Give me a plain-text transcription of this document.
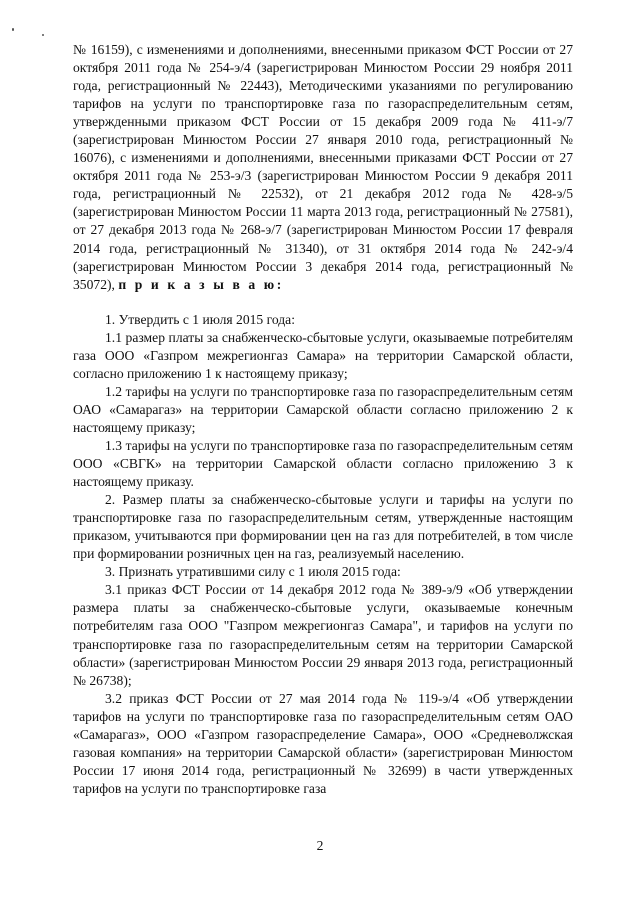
№ 16159), с изменениями и дополнениями, внесенными приказом ФСТ России от 27 октября 2011 года № 254-э/4 (зарегистрирован Минюстом России 29 ноября 2011 года, регистрационный № 22443), Методическими указаниями по регулированию тарифов на услуги по транспортировке газа по газораспределительным сетям, утвержденными приказом ФСТ России от 15 декабря 2009 года № 411-э/7 (зарегистрирован Минюстом России 27 января 2010 года, регистрационный № 16076), с изменениями и дополнениями, внесенными приказами ФСТ России от 27 октября 2011 года № 253-э/3 (зарегистрирован Минюстом России 9 декабря 2011 года, регистрационный № 22532), от 21 декабря 2012 года № 428-э/5 (зарегистрирован Минюстом России 11 марта 2013 года, регистрационный № 27581), от 27 декабря 2013 года № 268-э/7 (зарегистрирован Минюстом России 17 февраля 2014 года, регистрационный № 31340), от 31 октября 2014 года № 242-э/4 (зарегистрирован Минюстом России 3 декабря 2014 года, регистрационный № 35072), п р и к а з ы в а ю:

1. Утвердить с 1 июля 2015 года:

1.1 размер платы за снабженческо-сбытовые услуги, оказываемые потребителям газа ООО «Газпром межрегионгаз Самара» на территории Самарской области, согласно приложению 1 к настоящему приказу;

1.2 тарифы на услуги по транспортировке газа по газораспределительным сетям ОАО «Самарагаз» на территории Самарской области согласно приложению 2 к настоящему приказу;

1.3 тарифы на услуги по транспортировке газа по газораспределительным сетям ООО «СВГК» на территории Самарской области согласно приложению 3 к настоящему приказу.

2. Размер платы за снабженческо-сбытовые услуги и тарифы на услуги по транспортировке газа по газораспределительным сетям, утвержденные настоящим приказом, учитываются при формировании цен на газ для потребителей, в том числе при формировании розничных цен на газ, реализуемый населению.

3. Признать утратившими силу с 1 июля 2015 года:

3.1 приказ ФСТ России от 14 декабря 2012 года № 389-э/9 «Об утверждении размера платы за снабженческо-сбытовые услуги, оказываемые конечным потребителям газа ООО "Газпром межрегионгаз Самара", и тарифов на услуги по транспортировке газа по газораспределительным сетям на территории Самарской области» (зарегистрирован Минюстом России 29 января 2013 года, регистрационный № 26738);

3.2 приказ ФСТ России от 27 мая 2014 года № 119-э/4 «Об утверждении тарифов на услуги по транспортировке газа по газораспределительным сетям ОАО «Самарагаз», ООО «Газпром газораспределение Самара», ООО «Средневолжская газовая компания» на территории Самарской области» (зарегистрирован Минюстом России 17 июня 2014 года, регистрационный № 32699) в части утвержденных тарифов на услуги по транспортировке газа

2
